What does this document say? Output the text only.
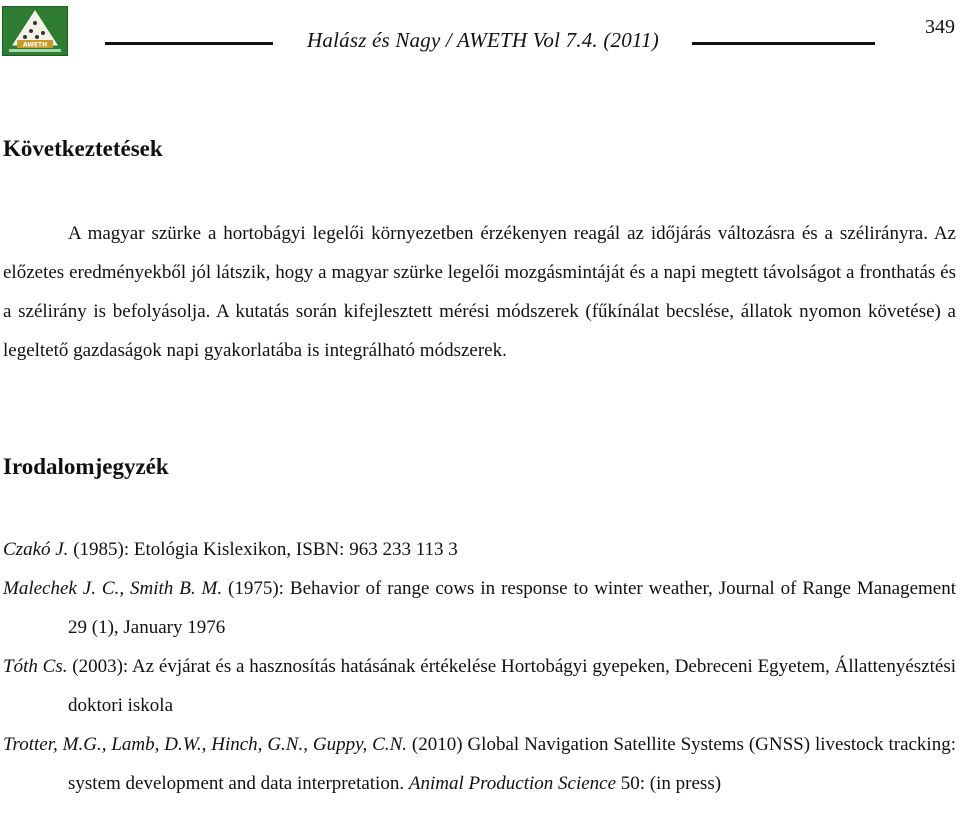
AWETH	Halász és Nagy / AWETH Vol 7.4. (2011)
349
Következtetések

A magyar szürke a hortobágyi legelői környezetben érzékenyen reagál az időjárás változásra és a szélirányra. Az előzetes eredményekből jól látszik, hogy a magyar szürke legelői mozgásmintáját és a napi megtett távolságot a fronthatás és a szélirány is befolyásolja. A kutatás során kifejlesztett mérési módszerek (fűkínálat becslése, állatok nyomon követése) a legeltető gazdaságok napi gyakorlatába is integrálható módszerek.

Irodalomjegyzék

Czakó J. (1985): Etológia Kislexikon, ISBN: 963 233 113 3

Malechek J. C., Smith B. M. (1975): Behavior of range cows in response to winter weather, Journal of Range Management 29 (1), January 1976

Tóth Cs. (2003): Az évjárat és a hasznosítás hatásának értékelése Hortobágyi gyepeken, Debreceni Egyetem, Állattenyésztési doktori iskola

Trotter, M.G., Lamb, D.W., Hinch, G.N., Guppy, C.N. (2010) Global Navigation Satellite Systems (GNSS) livestock tracking: system development and data interpretation. Animal Production Science 50: (in press)
